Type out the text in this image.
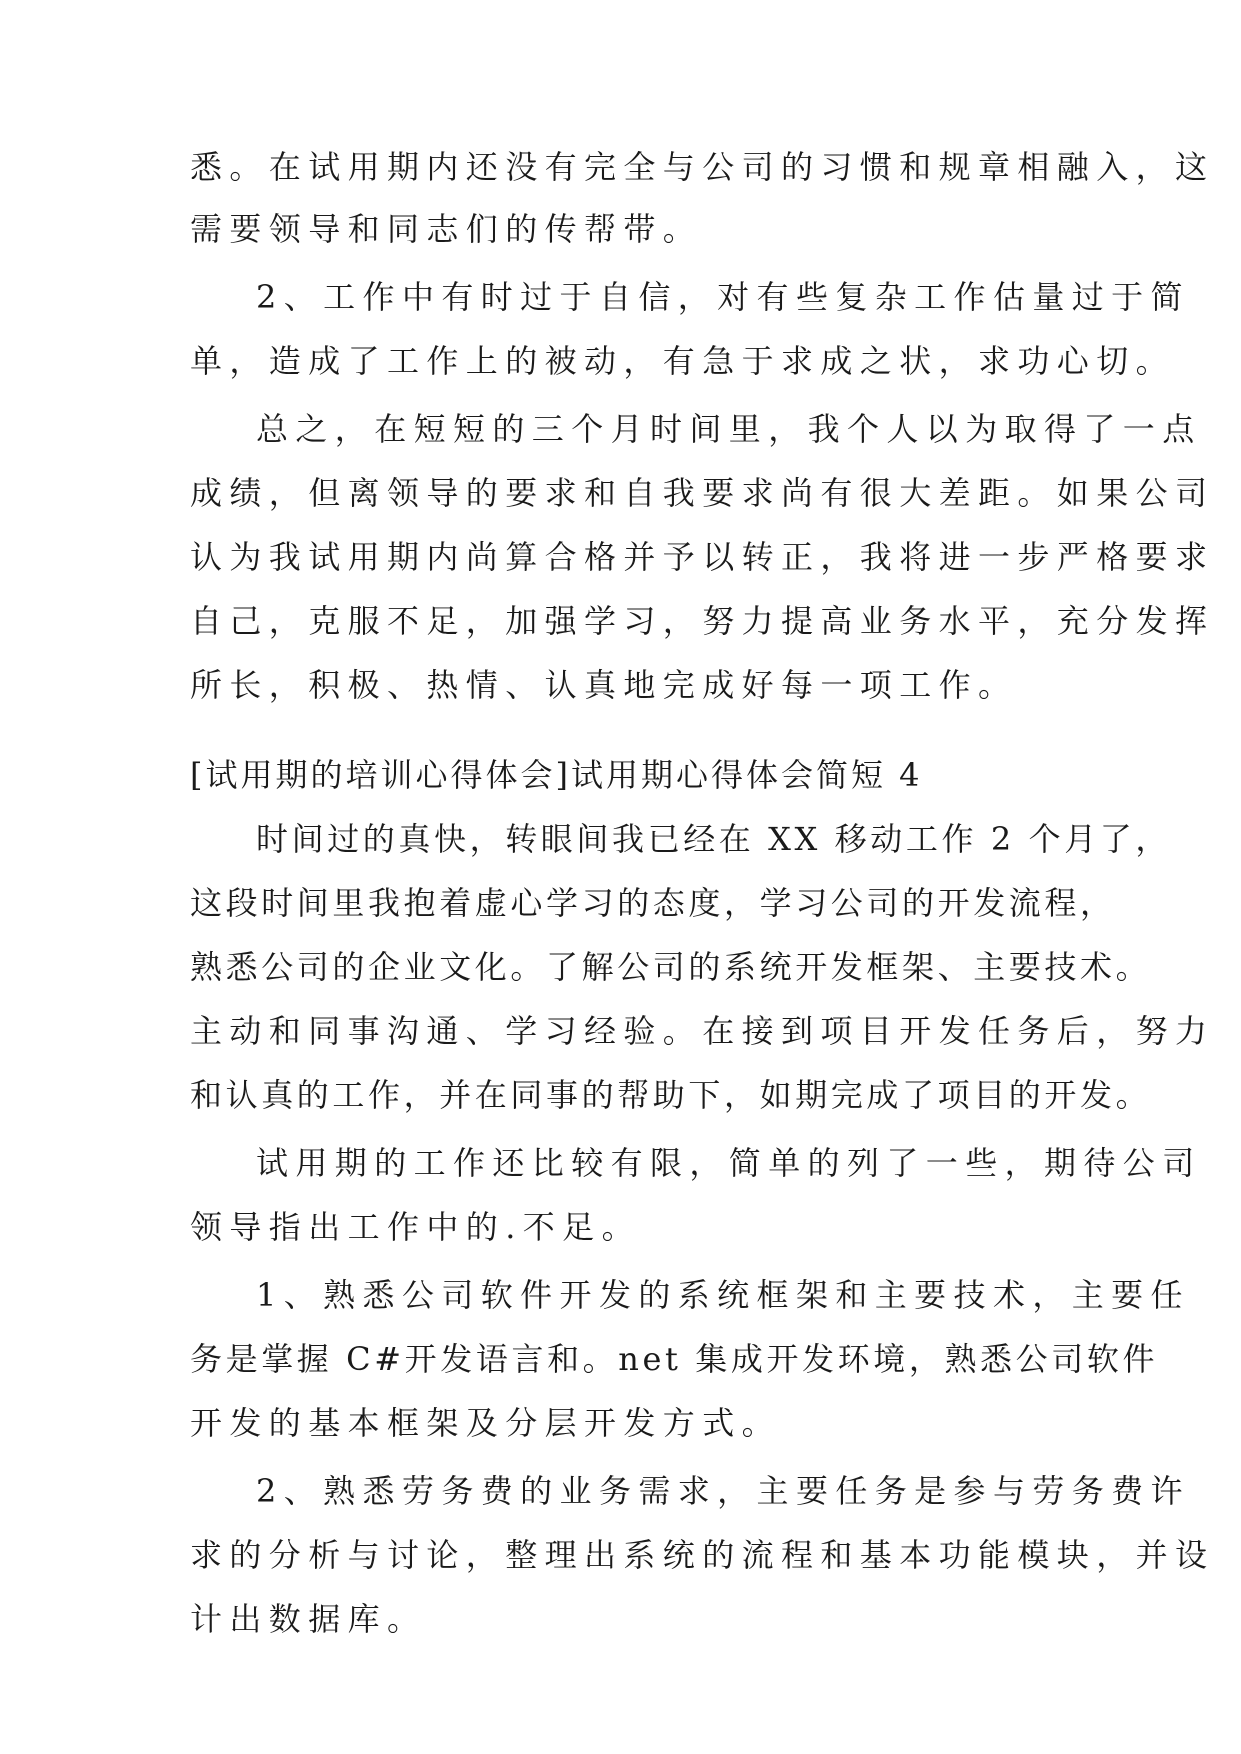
悉。在试用期内还没有完全与公司的习惯和规章相融入，这
需要领导和同志们的传帮带。
2、工作中有时过于自信，对有些复杂工作估量过于简
单，造成了工作上的被动，有急于求成之状，求功心切。
总之，在短短的三个月时间里，我个人以为取得了一点
成绩，但离领导的要求和自我要求尚有很大差距。如果公司
认为我试用期内尚算合格并予以转正，我将进一步严格要求
自己，克服不足，加强学习，努力提高业务水平，充分发挥
所长，积极、热情、认真地完成好每一项工作。
[试用期的培训心得体会]试用期心得体会简短 4
时间过的真快，转眼间我已经在 XX 移动工作 2 个月了，
这段时间里我抱着虚心学习的态度，学习公司的开发流程，
熟悉公司的企业文化。了解公司的系统开发框架、主要技术。
主动和同事沟通、学习经验。在接到项目开发任务后，努力
和认真的工作，并在同事的帮助下，如期完成了项目的开发。
试用期的工作还比较有限，简单的列了一些，期待公司
领导指出工作中的.不足。
1、熟悉公司软件开发的系统框架和主要技术，主要任
务是掌握 C#开发语言和。net 集成开发环境，熟悉公司软件
开发的基本框架及分层开发方式。
2、熟悉劳务费的业务需求，主要任务是参与劳务费许
求的分析与讨论，整理出系统的流程和基本功能模块，并设
计出数据库。
